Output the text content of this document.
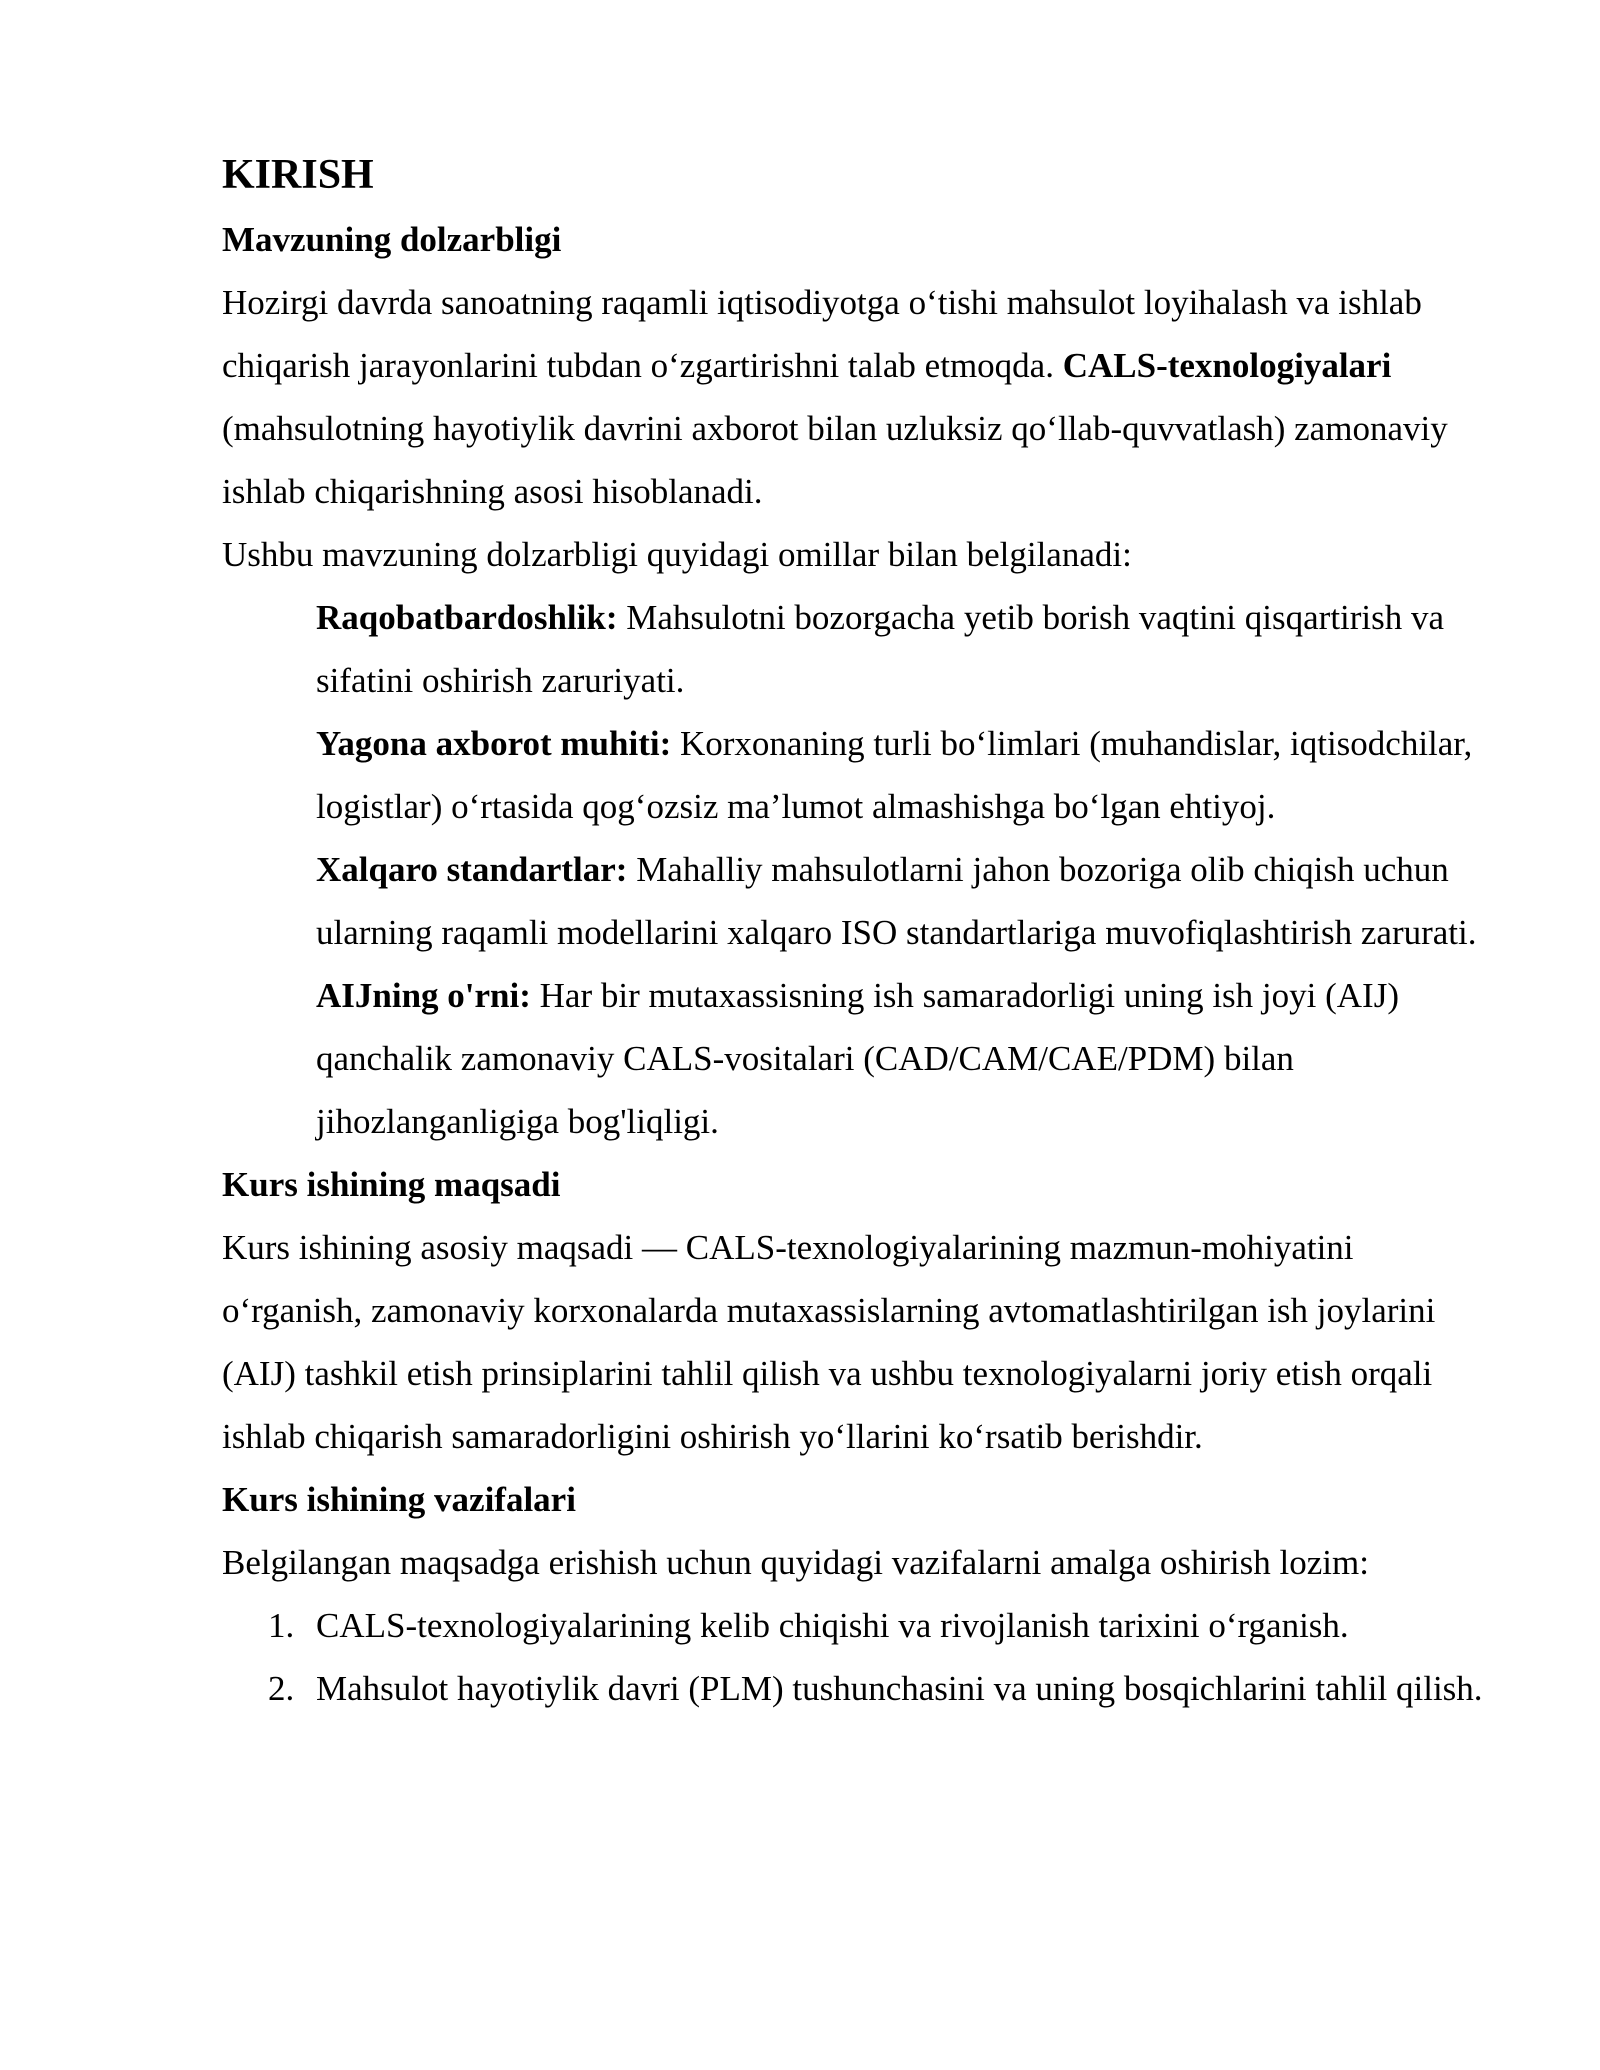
KIRISH
Mavzuning dolzarbligi

Hozirgi davrda sanoatning raqamli iqtisodiyotga o‘tishi mahsulot loyihalash va ishlab chiqarish jarayonlarini tubdan o‘zgartirishni talab etmoqda. CALS-texnologiyalari (mahsulotning hayotiylik davrini axborot bilan uzluksiz qo‘llab-quvvatlash) zamonaviy ishlab chiqarishning asosi hisoblanadi.

Ushbu mavzuning dolzarbligi quyidagi omillar bilan belgilanadi:

Raqobatbardoshlik: Mahsulotni bozorgacha yetib borish vaqtini qisqartirish va sifatini oshirish zaruriyati.

Yagona axborot muhiti: Korxonaning turli bo‘limlari (muhandislar, iqtisodchilar, logistlar) o‘rtasida qog‘ozsiz ma’lumot almashishga bo‘lgan ehtiyoj.

Xalqaro standartlar: Mahalliy mahsulotlarni jahon bozoriga olib chiqish uchun ularning raqamli modellarini xalqaro ISO standartlariga muvofiqlashtirish zarurati.

AIJning o'rni: Har bir mutaxassisning ish samaradorligi uning ish joyi (AIJ) qanchalik zamonaviy CALS-vositalari (CAD/CAM/CAE/PDM) bilan jihozlanganligiga bog'liqligi.

Kurs ishining maqsadi

Kurs ishining asosiy maqsadi — CALS-texnologiyalarining mazmun-mohiyatini o‘rganish, zamonaviy korxonalarda mutaxassislarning avtomatlashtirilgan ish joylarini (AIJ) tashkil etish prinsiplarini tahlil qilish va ushbu texnologiyalarni joriy etish orqali ishlab chiqarish samaradorligini oshirish yo‘llarini ko‘rsatib berishdir.

Kurs ishining vazifalari

Belgilangan maqsadga erishish uchun quyidagi vazifalarni amalga oshirish lozim:

1. CALS-texnologiyalarining kelib chiqishi va rivojlanish tarixini o‘rganish.
2. Mahsulot hayotiylik davri (PLM) tushunchasini va uning bosqichlarini tahlil qilish.
